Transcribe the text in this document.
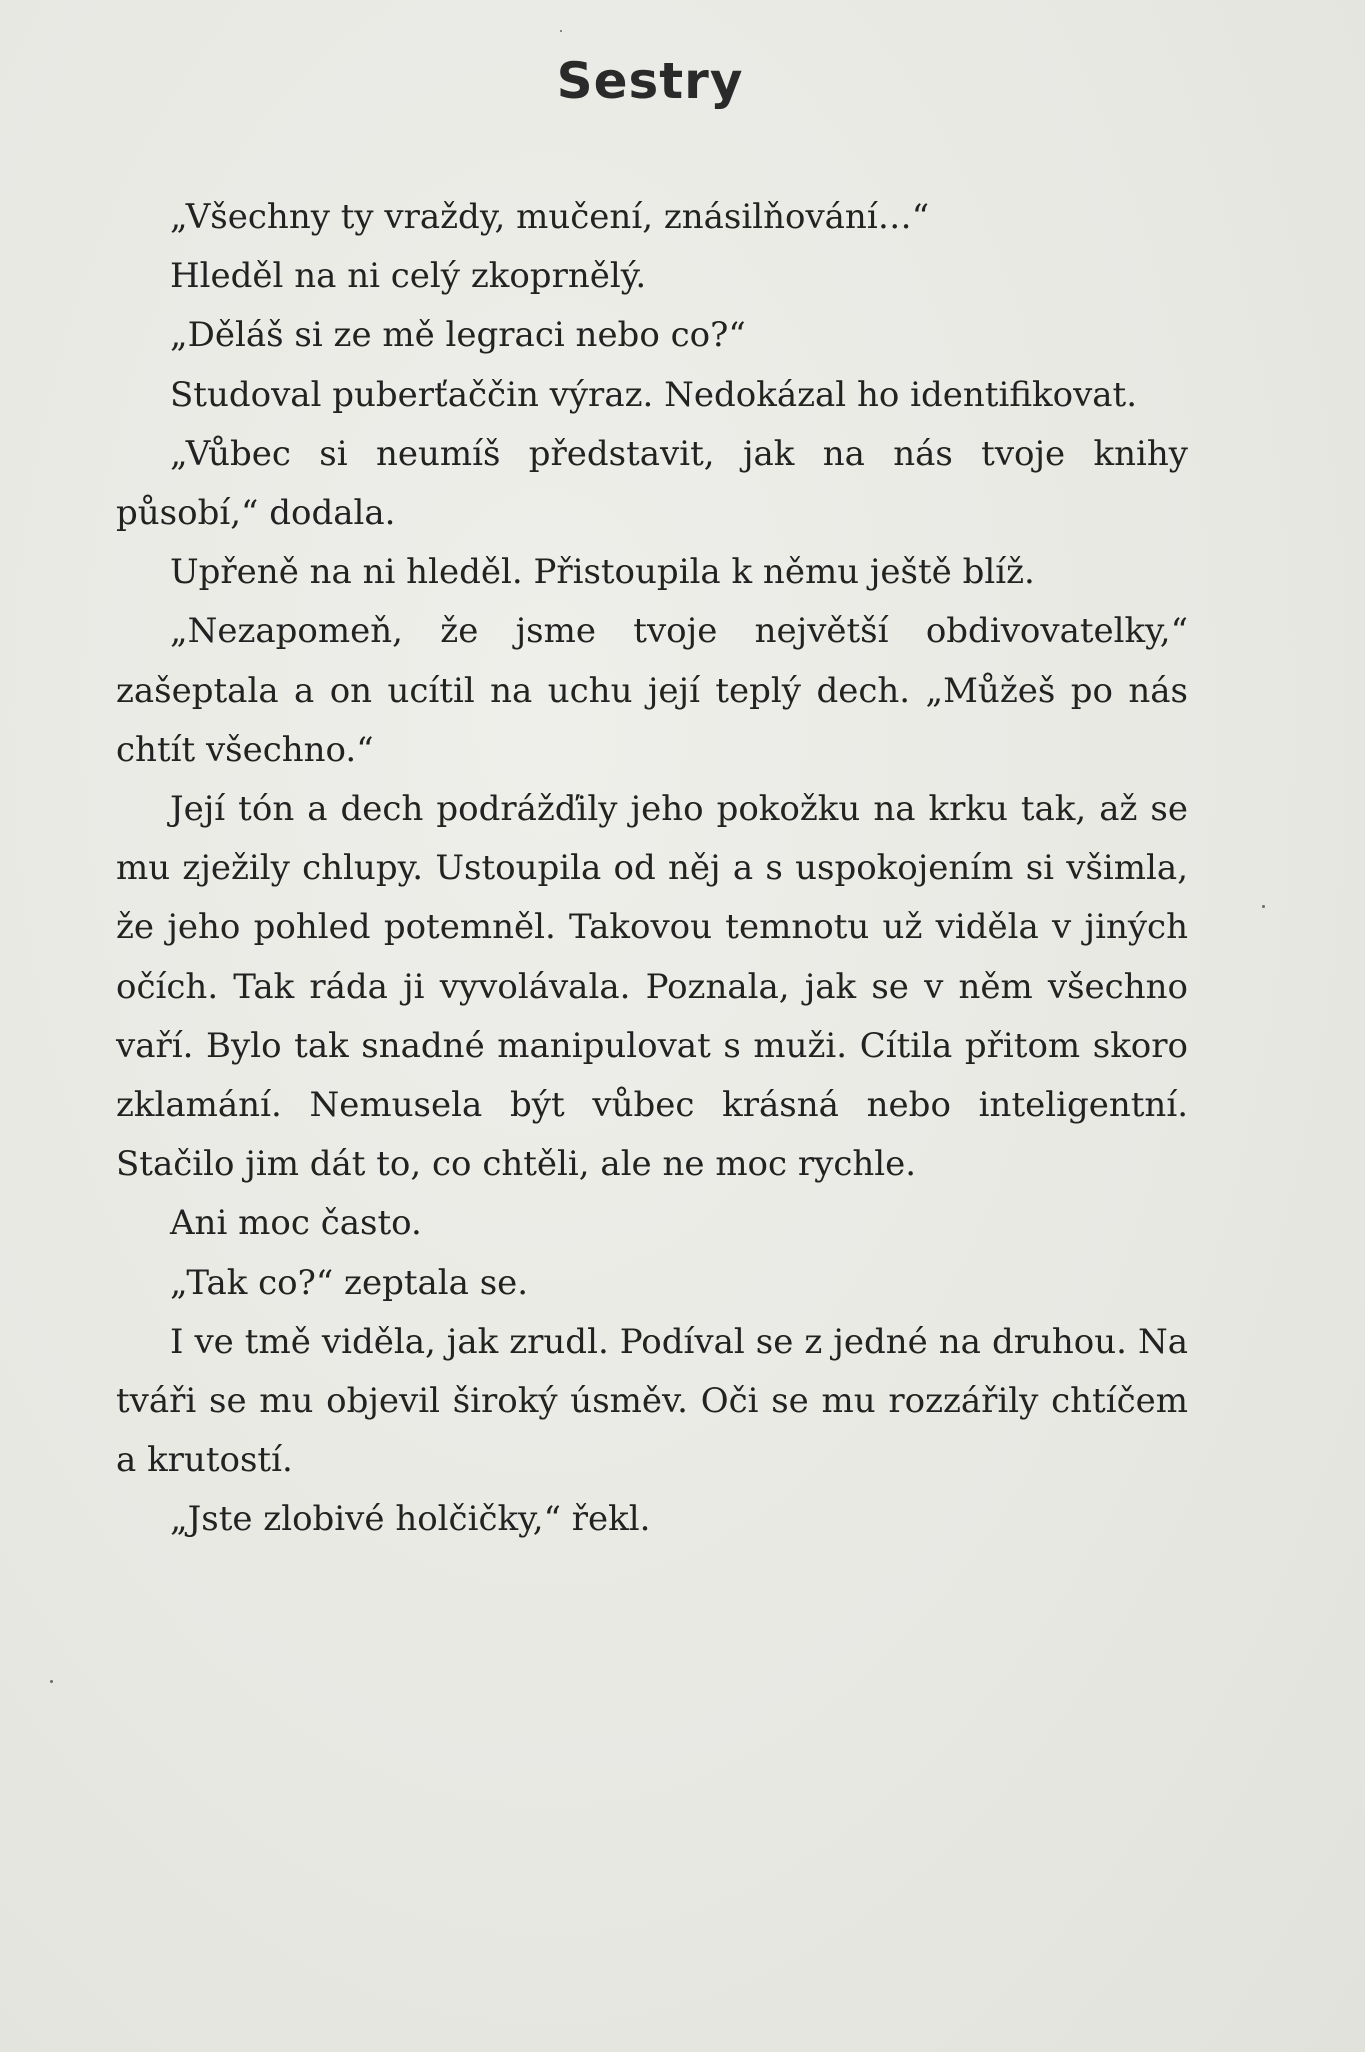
Sestry

„Všechny ty vraždy, mučení, znásilňování…“

Hleděl na ni celý zkoprnělý.

„Děláš si ze mě legraci nebo co?“

Studoval puberťaččin výraz. Nedokázal ho identifikovat.

„Vůbec si neumíš představit, jak na nás tvoje knihy působí,“ dodala.

Upřeně na ni hleděl. Přistoupila k němu ještě blíž.

„Nezapomeň, že jsme tvoje největší obdivovatelky,“ zašeptala a on ucítil na uchu její teplý dech. „Můžeš po nás chtít všechno.“

Její tón a dech podrážďily jeho pokožku na krku tak, až se mu zježily chlupy. Ustoupila od něj a s uspokojením si všimla, že jeho pohled potemněl. Takovou temnotu už viděla v jiných očích. Tak ráda ji vyvolávala. Poznala, jak se v něm všechno vaří. Bylo tak snadné manipulovat s muži. Cítila přitom skoro zklamání. Nemusela být vůbec krásná nebo inteligentní. Stačilo jim dát to, co chtěli, ale ne moc rychle.

Ani moc často.

„Tak co?“ zeptala se.

I ve tmě viděla, jak zrudl. Podíval se z jedné na druhou. Na tváři se mu objevil široký úsměv. Oči se mu rozzářily chtíčem a krutostí.

„Jste zlobivé holčičky,“ řekl.
